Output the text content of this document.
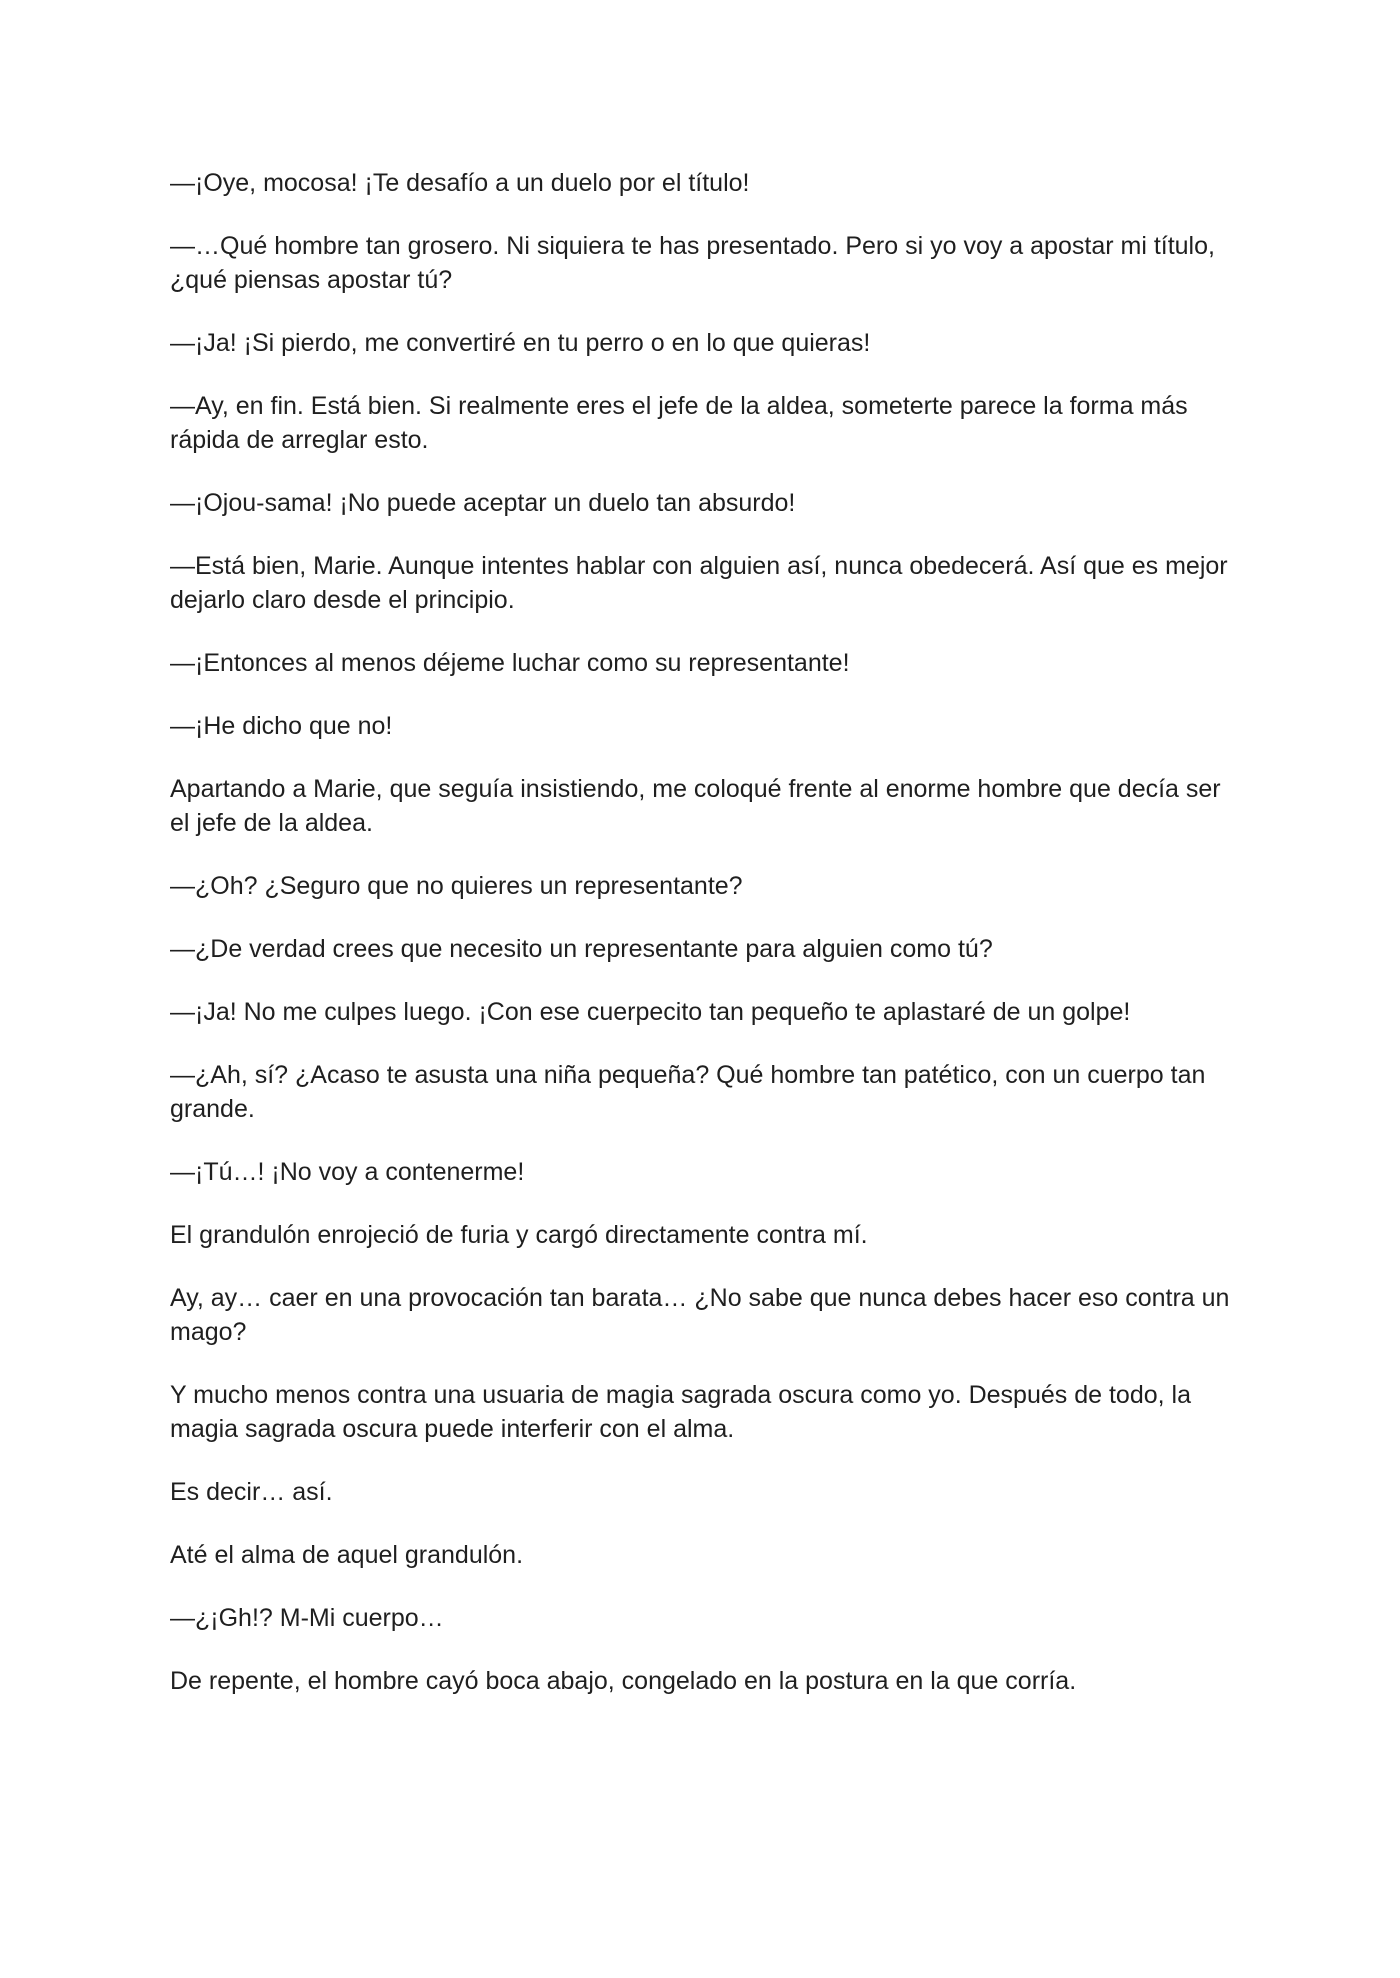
—¡Oye, mocosa! ¡Te desafío a un duelo por el título!

—…Qué hombre tan grosero. Ni siquiera te has presentado. Pero si yo voy a apostar mi título, ¿qué piensas apostar tú?

—¡Ja! ¡Si pierdo, me convertiré en tu perro o en lo que quieras!

—Ay, en fin. Está bien. Si realmente eres el jefe de la aldea, someterte parece la forma más rápida de arreglar esto.

—¡Ojou-sama! ¡No puede aceptar un duelo tan absurdo!

—Está bien, Marie. Aunque intentes hablar con alguien así, nunca obedecerá. Así que es mejor dejarlo claro desde el principio.

—¡Entonces al menos déjeme luchar como su representante!

—¡He dicho que no!

Apartando a Marie, que seguía insistiendo, me coloqué frente al enorme hombre que decía ser el jefe de la aldea.

—¿Oh? ¿Seguro que no quieres un representante?

—¿De verdad crees que necesito un representante para alguien como tú?

—¡Ja! No me culpes luego. ¡Con ese cuerpecito tan pequeño te aplastaré de un golpe!

—¿Ah, sí? ¿Acaso te asusta una niña pequeña? Qué hombre tan patético, con un cuerpo tan grande.

—¡Tú…! ¡No voy a contenerme!

El grandulón enrojeció de furia y cargó directamente contra mí.

Ay, ay… caer en una provocación tan barata… ¿No sabe que nunca debes hacer eso contra un mago?

Y mucho menos contra una usuaria de magia sagrada oscura como yo. Después de todo, la magia sagrada oscura puede interferir con el alma.

Es decir… así.

Até el alma de aquel grandulón.

—¿¡Gh!? M-Mi cuerpo…

De repente, el hombre cayó boca abajo, congelado en la postura en la que corría.
